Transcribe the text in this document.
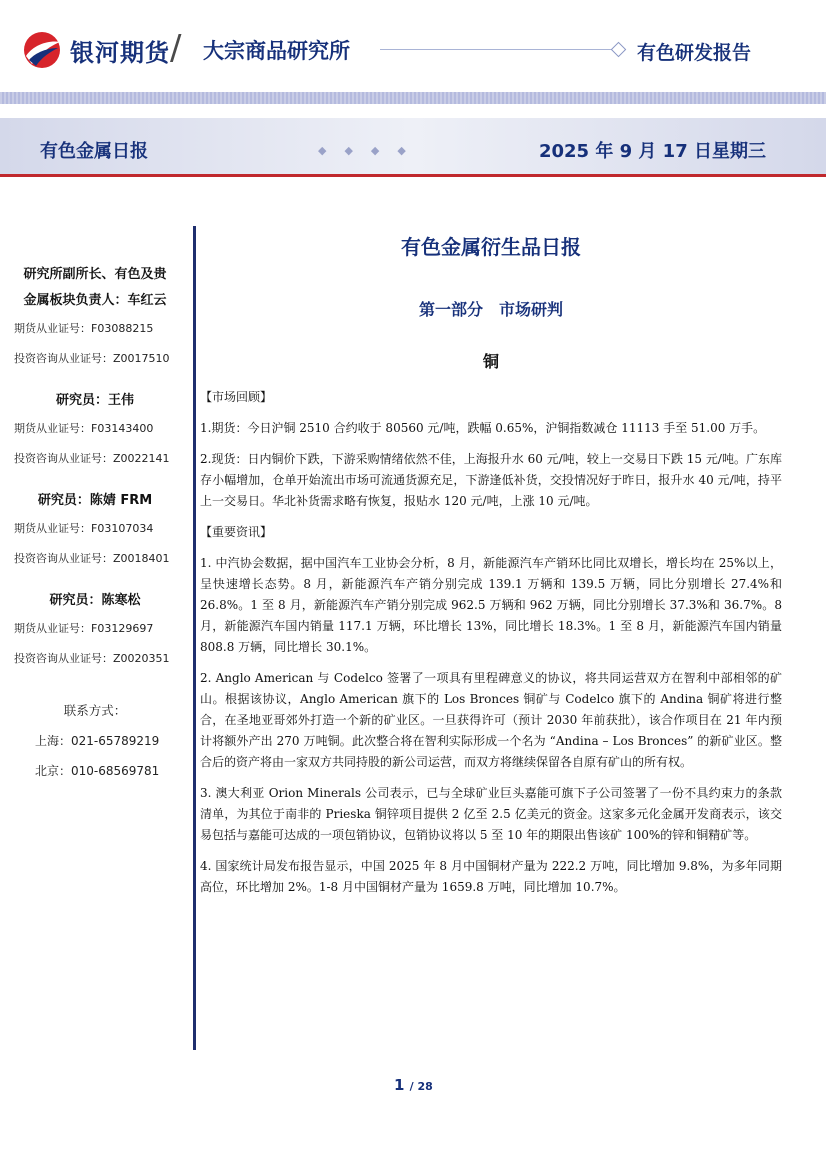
银河期货 / 大宗商品研究所	有色研发报告
◆◆◆◆
有色金属日报	2025 年 9 月 17 日星期三
研究所副所长、有色及贵
金属板块负责人：车红云
期货从业证号：F03088215
投资咨询从业证号：Z0017510
研究员：王伟
期货从业证号：F03143400
投资咨询从业证号：Z0022141
研究员：陈婧 FRM
期货从业证号：F03107034
投资咨询从业证号：Z0018401
研究员：陈寒松
期货从业证号：F03129697
投资咨询从业证号：Z0020351
联系方式：
上海：021-65789219
北京：010-68569781
有色金属衍生品日报
第一部分　市场研判
铜
【市场回顾】
1.期货：今日沪铜 2510 合约收于 80560 元/吨，跌幅 0.65%，沪铜指数减仓 11113 手至 51.00 万手。
2.现货：日内铜价下跌，下游采购情绪依然不佳，上海报升水 60 元/吨，较上一交易日下跌 15 元/吨。广东库存小幅增加，仓单开始流出市场可流通货源充足，下游逢低补货，交投情况好于昨日，报升水 40 元/吨，持平上一交易日。华北补货需求略有恢复，报贴水 120 元/吨，上涨 10 元/吨。
【重要资讯】
1. 中汽协会数据，据中国汽车工业协会分析，8 月，新能源汽车产销环比同比双增长，增长均在 25%以上，呈快速增长态势。8 月，新能源汽车产销分别完成 139.1 万辆和 139.5 万辆，同比分别增长 27.4%和 26.8%。1 至 8 月，新能源汽车产销分别完成 962.5 万辆和 962 万辆，同比分别增长 37.3%和 36.7%。8 月，新能源汽车国内销量 117.1 万辆，环比增长 13%，同比增长 18.3%。1 至 8 月，新能源汽车国内销量 808.8 万辆，同比增长 30.1%。
2. Anglo American 与 Codelco 签署了一项具有里程碑意义的协议，将共同运营双方在智利中部相邻的矿山。根据该协议，Anglo American 旗下的 Los Bronces 铜矿与 Codelco 旗下的 Andina 铜矿将进行整合，在圣地亚哥郊外打造一个新的矿业区。一旦获得许可（预计 2030 年前获批），该合作项目在 21 年内预计将额外产出 270 万吨铜。此次整合将在智利实际形成一个名为 “Andina – Los Bronces” 的新矿业区。整合后的资产将由一家双方共同持股的新公司运营，而双方将继续保留各自原有矿山的所有权。
3. 澳大利亚 Orion Minerals 公司表示，已与全球矿业巨头嘉能可旗下子公司签署了一份不具约束力的条款清单，为其位于南非的 Prieska 铜锌项目提供 2 亿至 2.5 亿美元的资金。这家多元化金属开发商表示，该交易包括与嘉能可达成的一项包销协议，包销协议将以 5 至 10 年的期限出售该矿 100%的锌和铜精矿等。
4. 国家统计局发布报告显示，中国 2025 年 8 月中国铜材产量为 222.2 万吨，同比增加 9.8%，为多年同期高位，环比增加 2%。1-8 月中国铜材产量为 1659.8 万吨，同比增加 10.7%。
1 / 28
